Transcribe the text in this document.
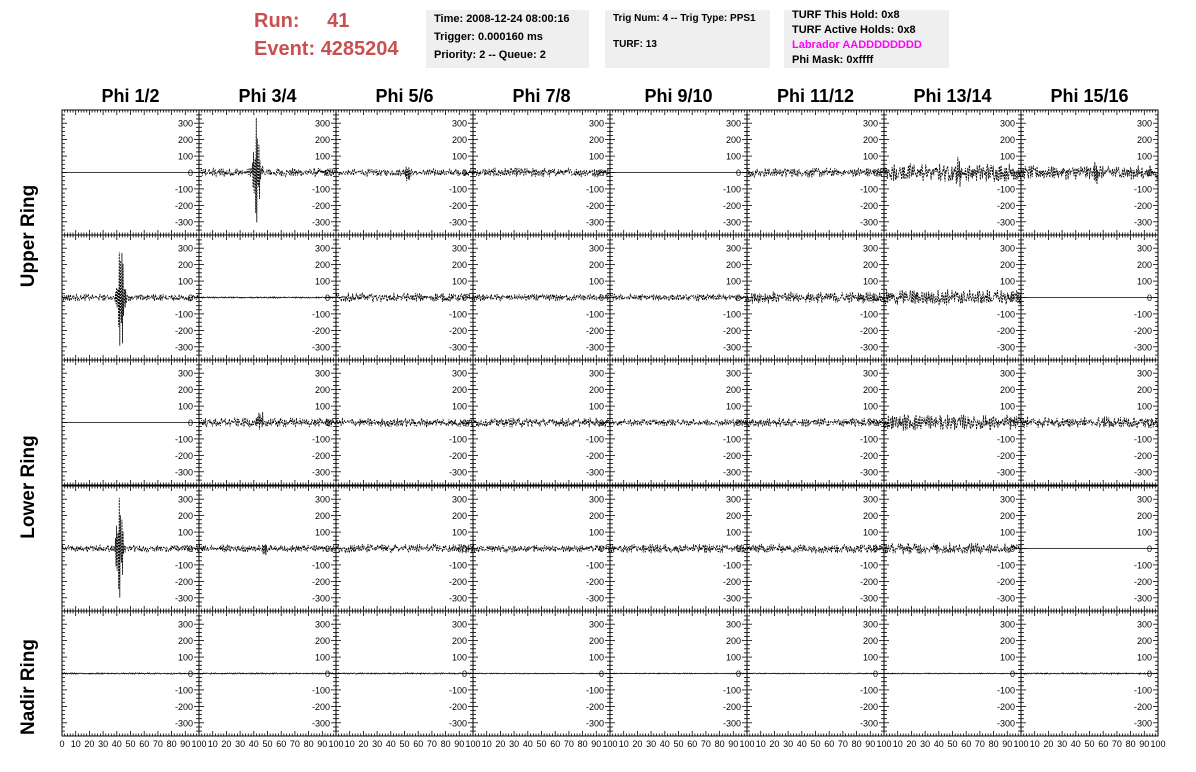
Run: 41
Event: 4285204
Time: 2008-12-24 08:00:16
Trigger: 0.000160 ms
Priority: 2 -- Queue: 2
Trig Num: 4 -- Trig Type: PPS1
TURF: 13
TURF This Hold: 0x8
TURF Active Holds: 0x8
Labrador AADDDDDDDD
Phi Mask: 0xffff
Phi 1/2	Phi 3/4	Phi 5/6	Phi 7/8	Phi 9/10	Phi 11/12	Phi 13/14	Phi 15/16
Upper Ring
Lower Ring
Nadir Ring
-300
-200
-100
0
100
200
300
-300
-200
-100
0
100
200
300
-300
-200
-100
0
100
200
300
-300
-200
-100
0
100
200
300
-300
-200
-100
0
100
200
300
-300
-200
-100
0
100
200
300
-300
-200
-100
0
100
200
300
-300
-200
-100
0
100
200
300
-300
-200
-100
0
100
200
300
-300
-200
-100
0
100
200
300
-300
-200
-100
0
100
200
300
-300
-200
-100
0
100
200
300
-300
-200
-100
0
100
200
300
-300
-200
-100
0
100
200
300
-300
-200
-100
0
100
200
300
-300
-200
-100
0
100
200
300
-300
-200
-100
0
100
200
300
-300
-200
-100
0
100
200
300
-300
-200
-100
0
100
200
300
-300
-200
-100
0
100
200
300
-300
-200
-100
0
100
200
300
-300
-200
-100
0
100
200
300
-300
-200
-100
0
100
200
300
-300
-200
-100
0
100
200
300
-300
-200
-100
0
100
200
300
-300
-200
-100
0
100
200
300
-300
-200
-100
0
100
200
300
-300
-200
-100
0
100
200
300
-300
-200
-100
0
100
200
300
-300
-200
-100
0
100
200
300
-300
-200
-100
0
100
200
300
-300
-200
-100
0
100
200
300
-300
-200
-100
0
100
200
300
-300
-200
-100
0
100
200
300
-300
-200
-100
0
100
200
300
-300
-200
-100
0
100
200
300
-300
-200
-100
0
100
200
300
-300
-200
-100
0
100
200
300
-300
-200
-100
0
100
200
300
-300
-200
-100
0
100
200
300
0 10 20 30 40 50 60 70 80 90 100 10 20 30 40 50 60 70 80 90 100 10 20 30 40 50 60 70 80 90 100 10 20 30 40 50 60 70 80 90 100 10 20 30 40 50 60 70 80 90 100 10 20 30 40 50 60 70 80 90 100 10 20 30 40 50 60 70 80 90 100 10 20 30 40 50 60 70 80 90 100
